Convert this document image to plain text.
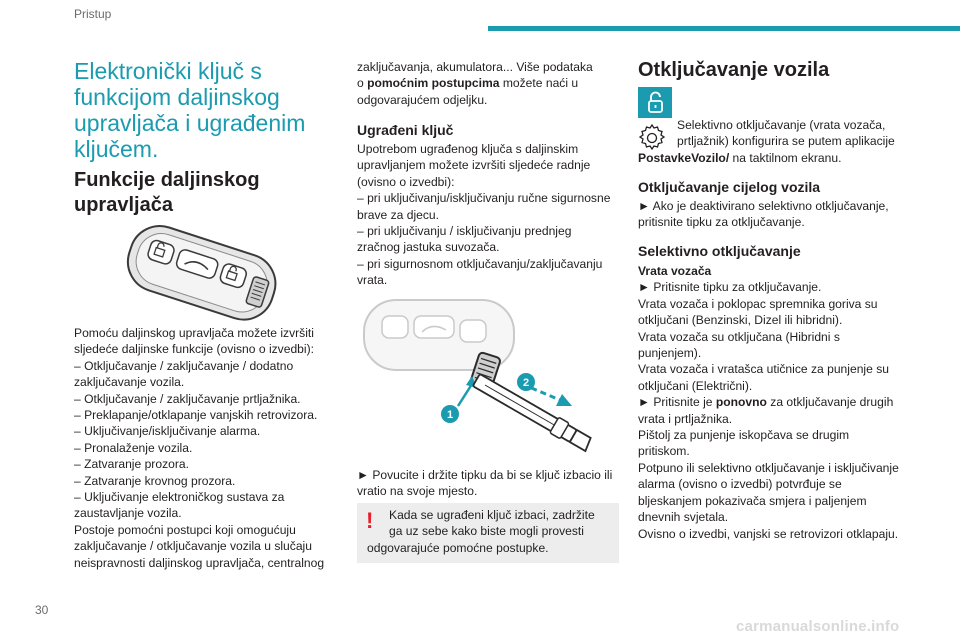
Pristup
Elektronički ključ s
funkcijom daljinskog
upravljača i ugrađenim
ključem.
Funkcije daljinskog
upravljača
Pomoću daljinskog upravljača možete izvršiti
sljedeće daljinske funkcije (ovisno o izvedbi):
– Otključavanje / zaključavanje / dodatno
zaključavanje vozila.
– Otključavanje / zaključavanje prtljažnika.
– Preklapanje/otklapanje vanjskih retrovizora.
– Uključivanje/isključivanje alarma.
– Pronalaženje vozila.
– Zatvaranje prozora.
– Zatvaranje krovnog prozora.
– Uključivanje elektroničkog sustava za
zaustavljanje vozila.
Postoje pomoćni postupci koji omogućuju
zaključavanje / otključavanje vozila u slučaju
neispravnosti daljinskog upravljača, centralnog
zaključavanja, akumulatora... Više podataka
o pomoćnim postupcima možete naći u
odgovarajućem odjeljku.
Ugrađeni ključ
Upotrebom ugrađenog ključa s daljinskim
upravljanjem možete izvršiti sljedeće radnje
(ovisno o izvedbi):
– pri uključivanju/isključivanju ručne sigurnosne
brave za djecu.
– pri uključivanju / isključivanju prednjeg
zračnog jastuka suvozača.
– pri sigurnosnom otključavanju/zaključavanju
vrata.
1
2
► Povucite i držite tipku da bi se ključ izbacio ili
vratio na svoje mjesto.
!	Kada se ugrađeni ključ izbaci, zadržite
ga uz sebe kako biste mogli provesti
odgovarajuće pomoćne postupke.
Otključavanje vozila
Selektivno otključavanje (vrata vozača,
prtljažnik) konfigurira se putem aplikacije
PostavkeVozilo/ na taktilnom ekranu.
Otključavanje cijelog vozila
► Ako je deaktivirano selektivno otključavanje,
pritisnite tipku za otključavanje.
Selektivno otključavanje
Vrata vozača
► Pritisnite tipku za otključavanje.
Vrata vozača i poklopac spremnika goriva su
otključani (Benzinski, Dizel ili hibridni).
Vrata vozača su otključana (Hibridni s
punjenjem).
Vrata vozača i vratašca utičnice za punjenje su
otključani (Električni).
► Pritisnite je ponovno za otključavanje drugih
vrata i prtljažnika.
Pištolj za punjenje iskopčava se drugim
pritiskom.
Potpuno ili selektivno otključavanje i isključivanje
alarma (ovisno o izvedbi) potvrđuje se
bljeskanjem pokazivača smjera i paljenjem
dnevnih svjetala.
Ovisno o izvedbi, vanjski se retrovizori otklapaju.
30
carmanualsonline.info
